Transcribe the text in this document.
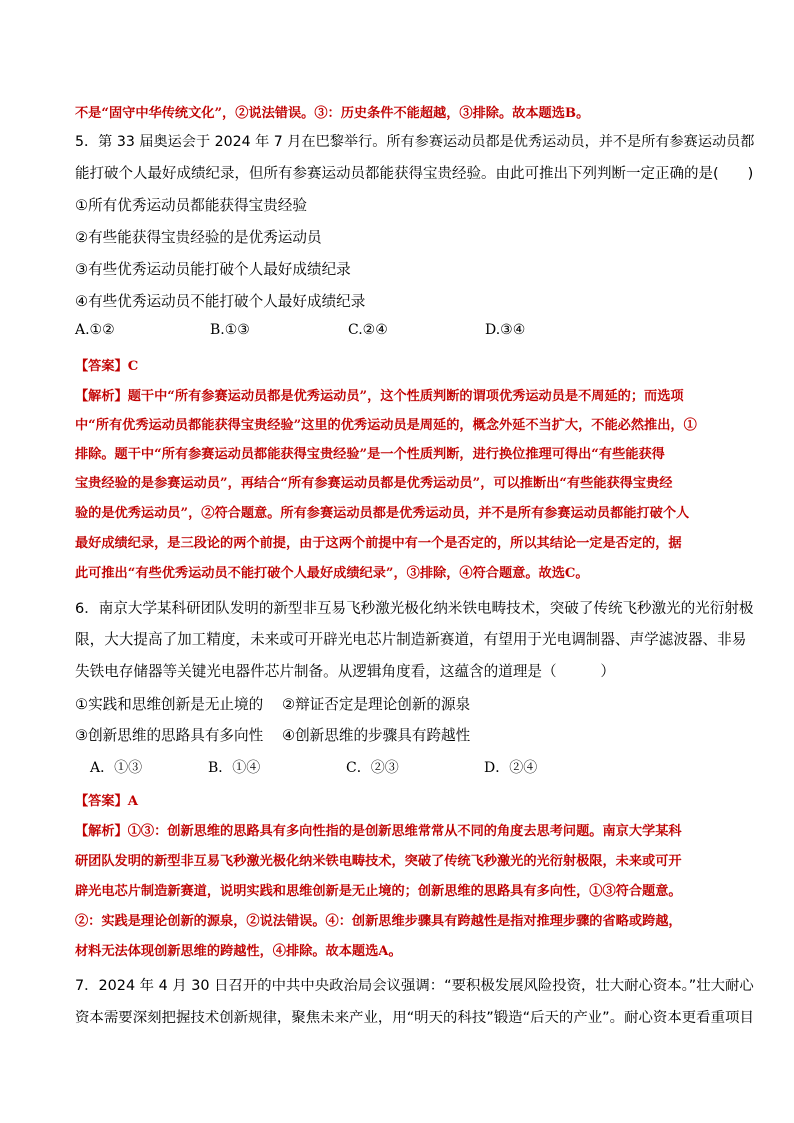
不是“固守中华传统文化”，②说法错误。③：历史条件不能超越，③排除。故本题选B。
5．第 33 届奥运会于 2024 年 7 月在巴黎举行。所有参赛运动员都是优秀运动员，并不是所有参赛运动员都
能打破个人最好成绩纪录，但所有参赛运动员都能获得宝贵经验。由此可推出下列判断一定正确的是(　　)
①所有优秀运动员都能获得宝贵经验
②有些能获得宝贵经验的是优秀运动员
③有些优秀运动员能打破个人最好成绩纪录
④有些优秀运动员不能打破个人最好成绩纪录
A.①②	B.①③	C.②④	D.③④
【答案】C
【解析】题干中“所有参赛运动员都是优秀运动员”，这个性质判断的谓项优秀运动员是不周延的；而选项
中“所有优秀运动员都能获得宝贵经验”这里的优秀运动员是周延的，概念外延不当扩大，不能必然推出，①
排除。题干中“所有参赛运动员都能获得宝贵经验”是一个性质判断，进行换位推理可得出“有些能获得
宝贵经验的是参赛运动员”，再结合“所有参赛运动员都是优秀运动员”，可以推断出“有些能获得宝贵经
验的是优秀运动员”，②符合题意。所有参赛运动员都是优秀运动员，并不是所有参赛运动员都能打破个人
最好成绩纪录，是三段论的两个前提，由于这两个前提中有一个是否定的，所以其结论一定是否定的，据
此可推出“有些优秀运动员不能打破个人最好成绩纪录”，③排除，④符合题意。故选C。
6．南京大学某科研团队发明的新型非互易飞秒激光极化纳米铁电畴技术，突破了传统飞秒激光的光衍射极
限，大大提高了加工精度，未来或可开辟光电芯片制造新赛道，有望用于光电调制器、声学滤波器、非易
失铁电存储器等关键光电器件芯片制备。从逻辑角度看，这蕴含的道理是（　　　）
①实践和思维创新是无止境的 ②辩证否定是理论创新的源泉
③创新思维的思路具有多向性 ④创新思维的步骤具有跨越性
A．①③	B．①④	C．②③	D．②④
【答案】A
【解析】①③：创新思维的思路具有多向性指的是创新思维常常从不同的角度去思考问题。南京大学某科
研团队发明的新型非互易飞秒激光极化纳米铁电畴技术，突破了传统飞秒激光的光衍射极限，未来或可开
辟光电芯片制造新赛道，说明实践和思维创新是无止境的；创新思维的思路具有多向性，①③符合题意。
②：实践是理论创新的源泉，②说法错误。④：创新思维步骤具有跨越性是指对推理步骤的省略或跨越，
材料无法体现创新思维的跨越性，④排除。故本题选A。
7．2024 年 4 月 30 日召开的中共中央政治局会议强调：“要积极发展风险投资，壮大耐心资本。”壮大耐心
资本需要深刻把握技术创新规律，聚焦未来产业，用“明天的科技”锻造“后天的产业”。耐心资本更看重项目
